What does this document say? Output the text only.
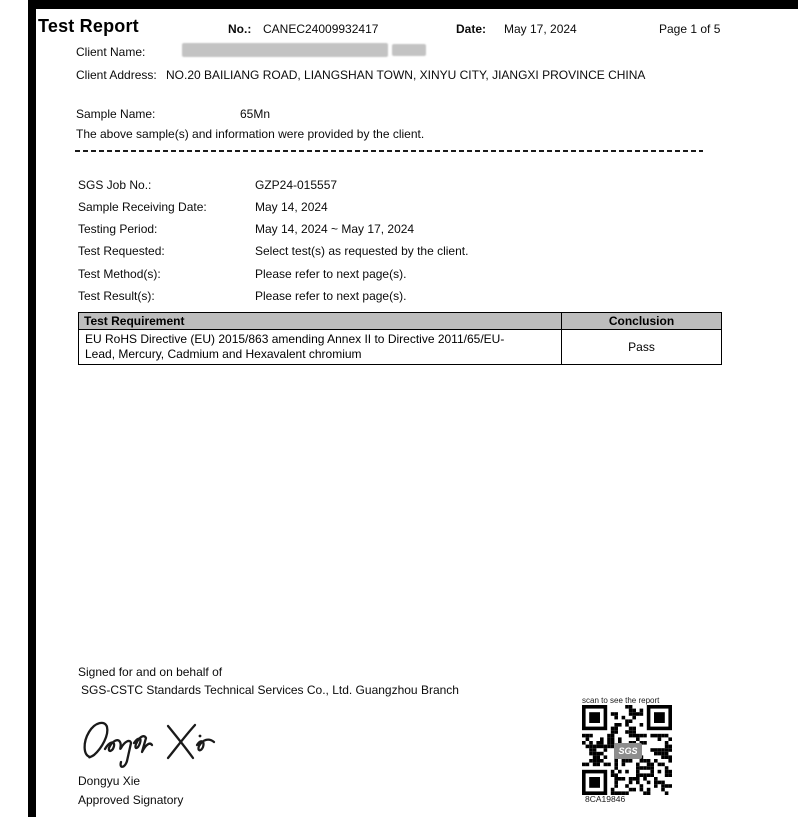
Test Report	No.: CANEC24009932417	Date: May 17, 2024	Page 1 of 5
Client Name:
Client Address: NO.20 BAILIANG ROAD, LIANGSHAN TOWN, XINYU CITY, JIANGXI PROVINCE CHINA
Sample Name:	65Mn
The above sample(s) and information were provided by the client.
SGS Job No.:	GZP24-015557
Sample Receiving Date:	May 14, 2024
Testing Period:	May 14, 2024 ~ May 17, 2024
Test Requested:	Select test(s) as requested by the client.
Test Method(s):	Please refer to next page(s).
Test Result(s):	Please refer to next page(s).
Test Requirement	Conclusion

EU RoHS Directive (EU) 2015/863 amending Annex II to Directive 2011/65/EU- Lead, Mercury, Cadmium and Hexavalent chromium	Pass
Signed for and on behalf of
SGS-CSTC Standards Technical Services Co., Ltd. Guangzhou Branch
Dongyu Xie
Approved Signatory
scan to see the report
SGS
8CA19846
